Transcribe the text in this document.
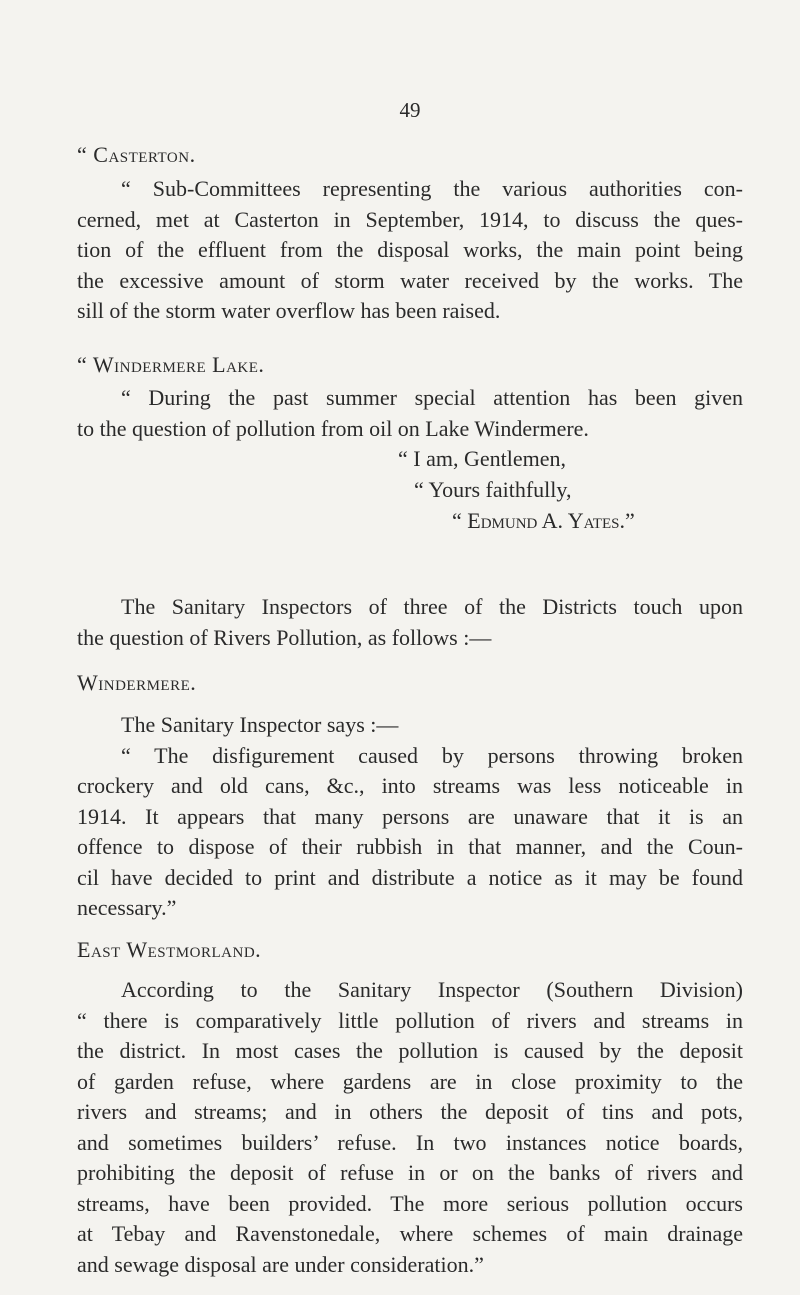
49
“ Casterton.
“ Sub-Committees representing the various authorities con-
cerned, met at Casterton in September, 1914, to discuss the ques-
tion of the effluent from the disposal works, the main point being
the excessive amount of storm water received by the works. The
sill of the storm water overflow has been raised.
“ Windermere Lake.
“ During the past summer special attention has been given
to the question of pollution from oil on Lake Windermere.
“ I am, Gentlemen,
“ Yours faithfully,
“ Edmund A. Yates.”
The Sanitary Inspectors of three of the Districts touch upon
the question of Rivers Pollution, as follows :—
Windermere.
The Sanitary Inspector says :—
“ The disfigurement caused by persons throwing broken
crockery and old cans, &c., into streams was less noticeable in
1914. It appears that many persons are unaware that it is an
offence to dispose of their rubbish in that manner, and the Coun-
cil have decided to print and distribute a notice as it may be found
necessary.”
East Westmorland.
According to the Sanitary Inspector (Southern Division)
“ there is comparatively little pollution of rivers and streams in
the district. In most cases the pollution is caused by the deposit
of garden refuse, where gardens are in close proximity to the
rivers and streams; and in others the deposit of tins and pots,
and sometimes builders’ refuse. In two instances notice boards,
prohibiting the deposit of refuse in or on the banks of rivers and
streams, have been provided. The more serious pollution occurs
at Tebay and Ravenstonedale, where schemes of main drainage
and sewage disposal are under consideration.”
